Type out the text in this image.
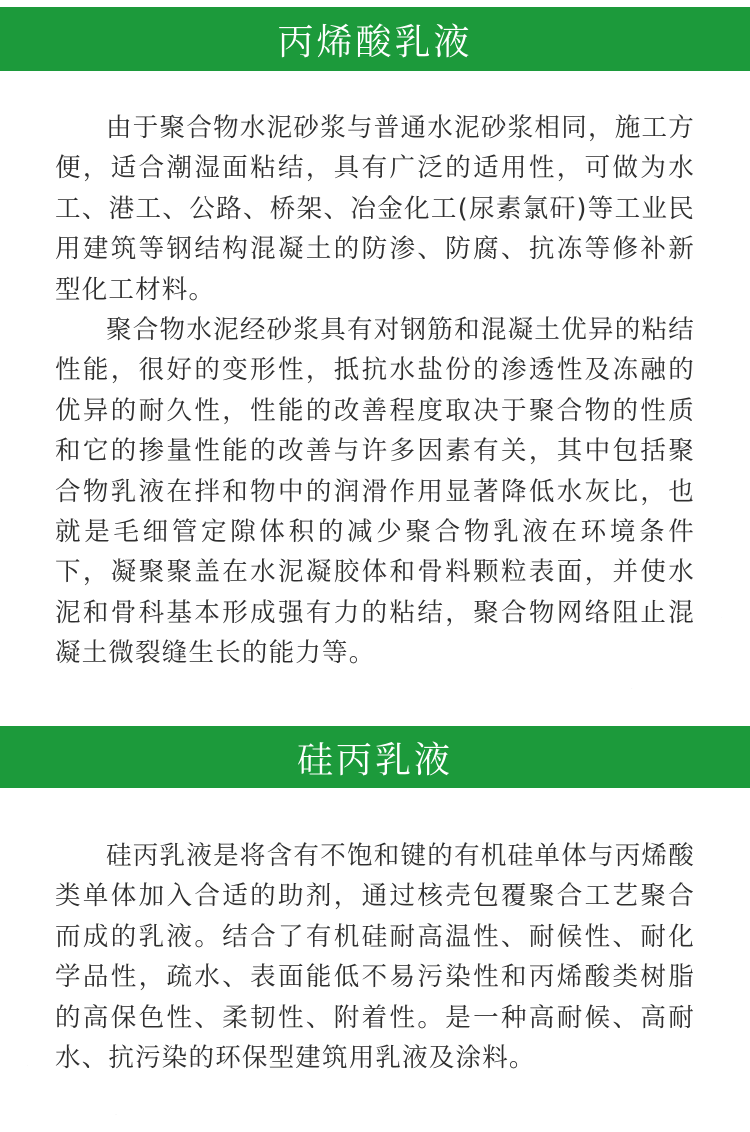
丙烯酸乳液

由于聚合物水泥砂浆与普通水泥砂浆相同，施工方便，适合潮湿面粘结，具有广泛的适用性，可做为水工、港工、公路、桥架、冶金化工(尿素氯矸)等工业民用建筑等钢结构混凝土的防渗、防腐、抗冻等修补新型化工材料。

聚合物水泥经砂浆具有对钢筋和混凝土优异的粘结性能，很好的变形性，抵抗水盐份的渗透性及冻融的优异的耐久性，性能的改善程度取决于聚合物的性质和它的掺量性能的改善与许多因素有关，其中包括聚合物乳液在拌和物中的润滑作用显著降低水灰比，也就是毛细管定隙体积的减少聚合物乳液在环境条件下，凝聚聚盖在水泥凝胶体和骨料颗粒表面，并使水泥和骨科基本形成强有力的粘结，聚合物网络阻止混凝土微裂缝生长的能力等。

硅丙乳液

硅丙乳液是将含有不饱和键的有机硅单体与丙烯酸类单体加入合适的助剂，通过核壳包覆聚合工艺聚合而成的乳液。结合了有机硅耐高温性、耐候性、耐化学品性，疏水、表面能低不易污染性和丙烯酸类树脂的高保色性、柔韧性、附着性。是一种高耐候、高耐水、抗污染的环保型建筑用乳液及涂料。
